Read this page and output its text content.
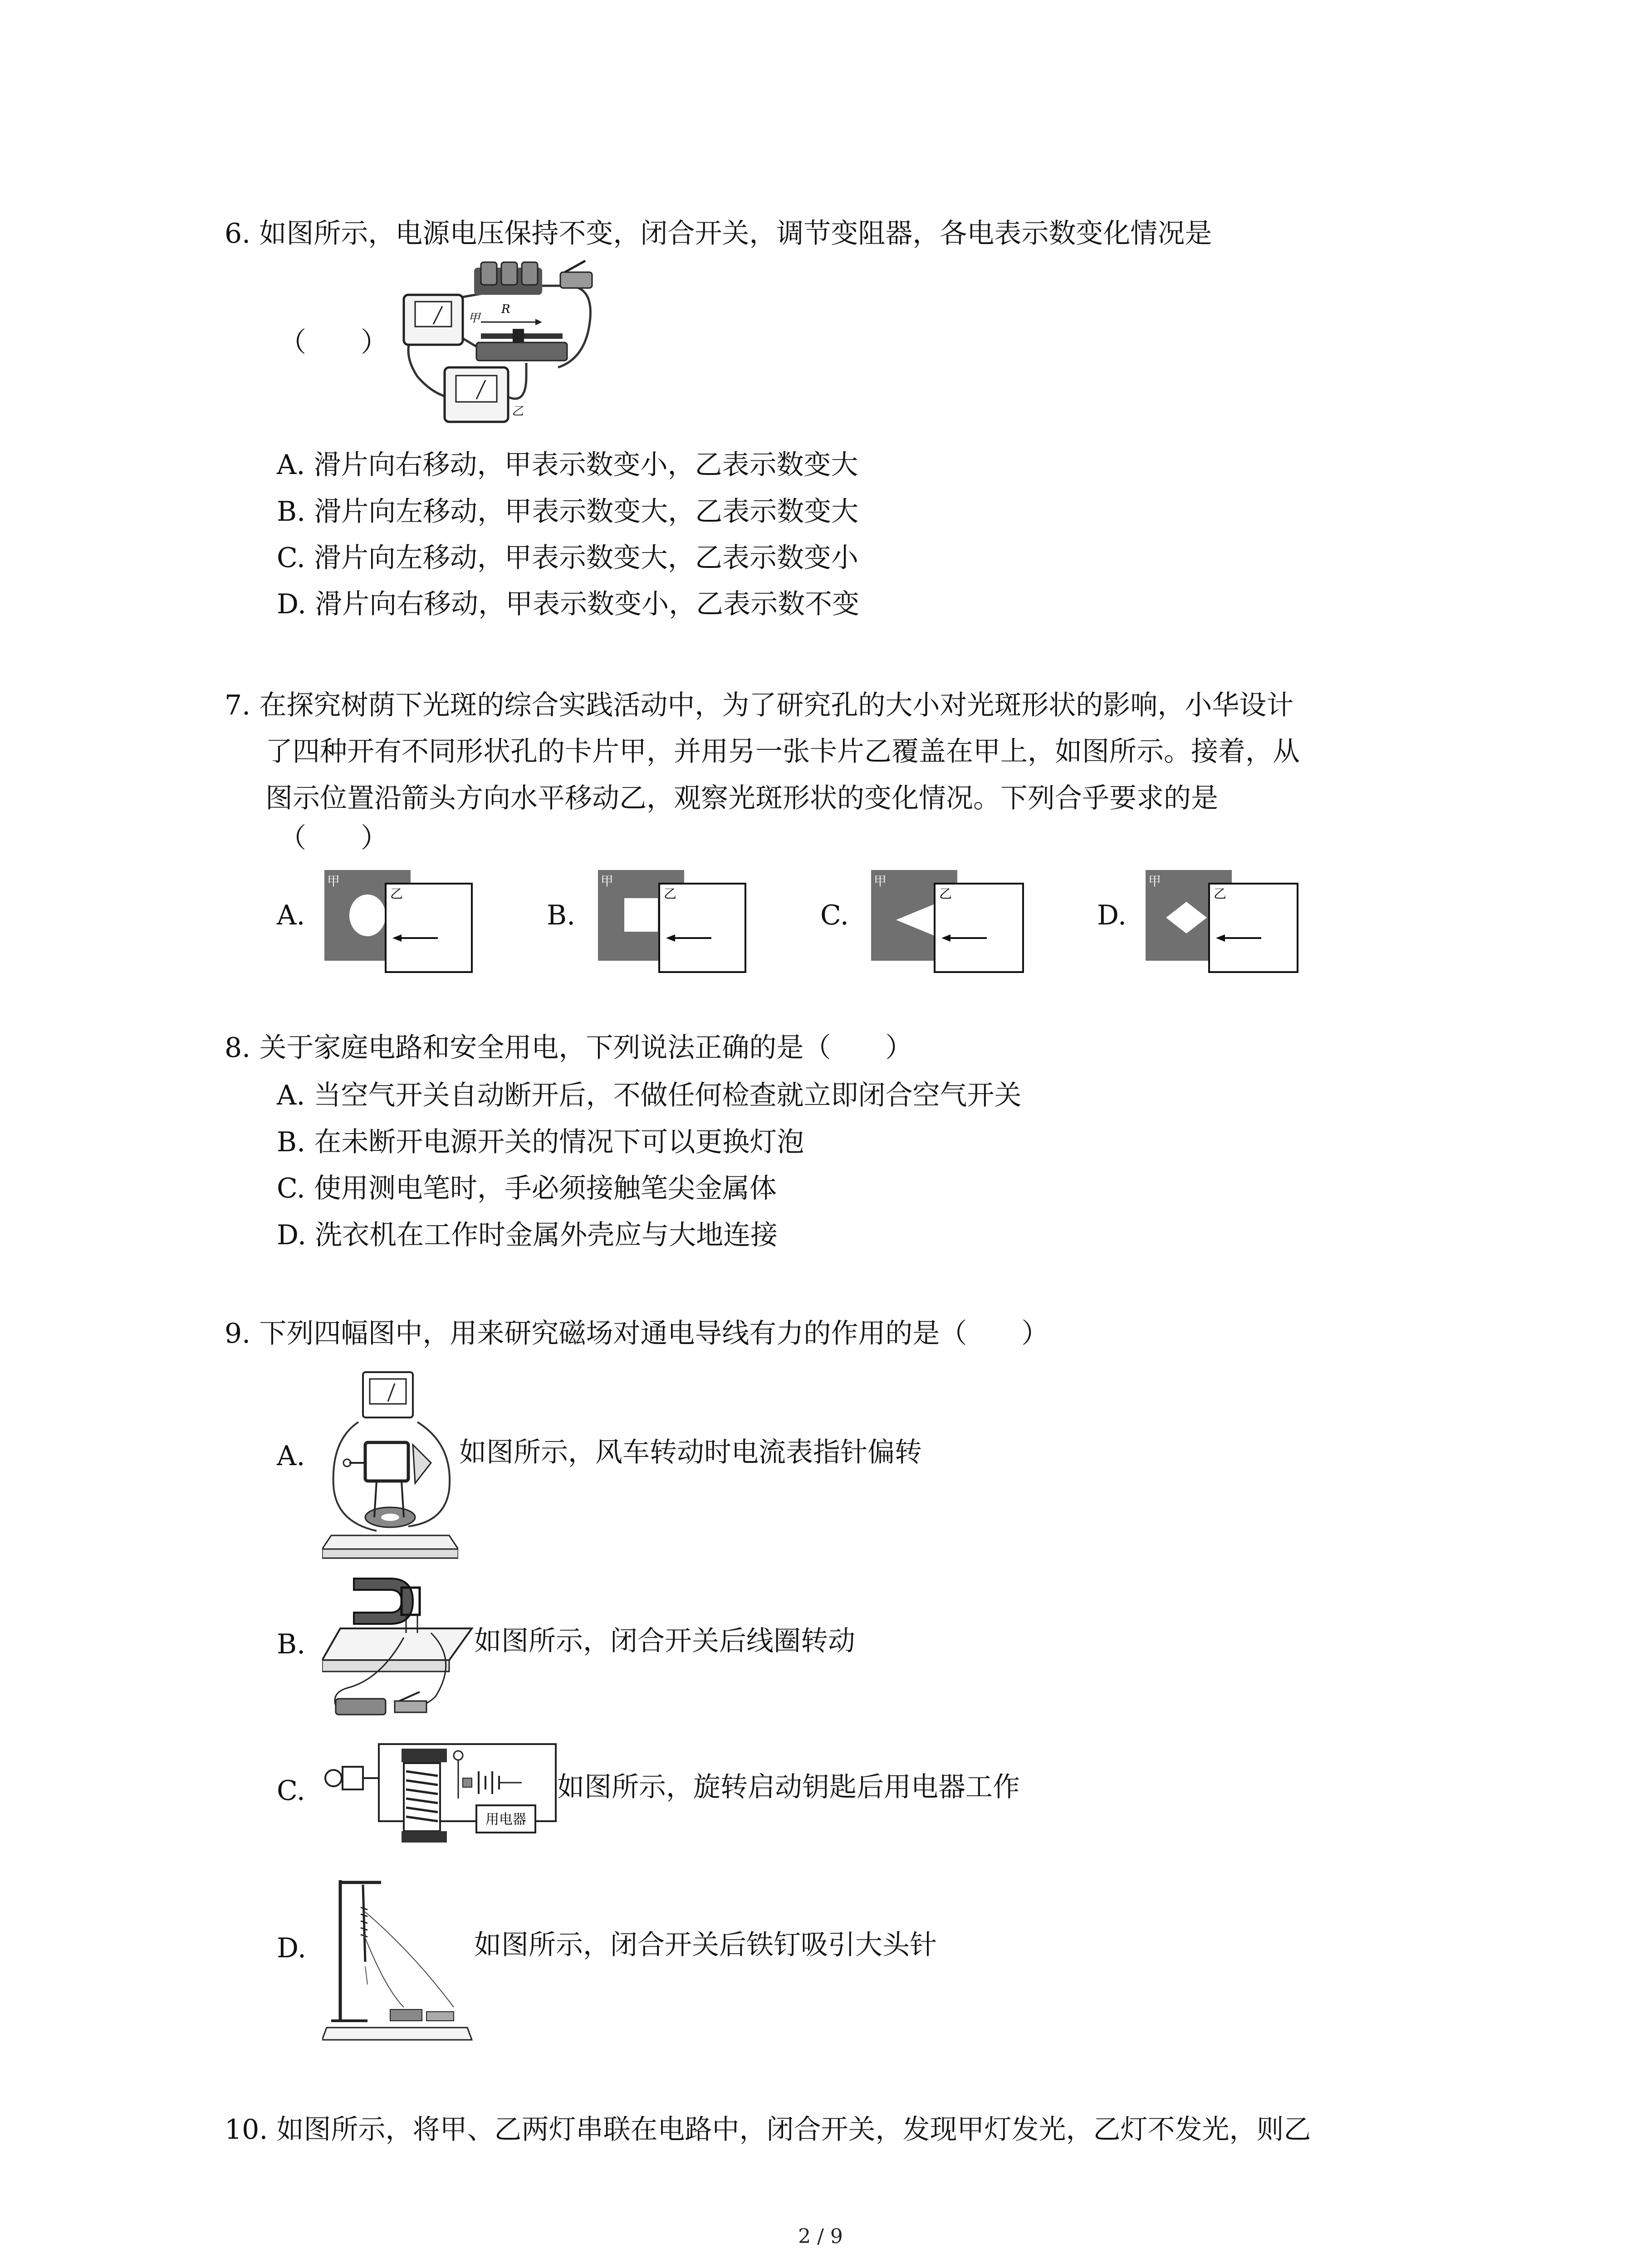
6. 如图所示，电源电压保持不变，闭合开关，调节变阻器，各电表示数变化情况是
（　　）
甲
R
乙
A. 滑片向右移动，甲表示数变小，乙表示数变大
B. 滑片向左移动，甲表示数变大，乙表示数变大
C. 滑片向左移动，甲表示数变大，乙表示数变小
D. 滑片向右移动，甲表示数变小，乙表示数不变
7. 在探究树荫下光斑的综合实践活动中，为了研究孔的大小对光斑形状的影响，小华设计
了四种开有不同形状孔的卡片甲，并用另一张卡片乙覆盖在甲上，如图所示。接着，从
图示位置沿箭头方向水平移动乙，观察光斑形状的变化情况。下列合乎要求的是
（　　）
A.
甲
乙
B.
甲
乙
C.
甲
乙
D.
甲
乙
8. 关于家庭电路和安全用电，下列说法正确的是（　　）
A. 当空气开关自动断开后，不做任何检查就立即闭合空气开关
B. 在未断开电源开关的情况下可以更换灯泡
C. 使用测电笔时，手必须接触笔尖金属体
D. 洗衣机在工作时金属外壳应与大地连接
9. 下列四幅图中，用来研究磁场对通电导线有力的作用的是（　　）
A.	如图所示，风车转动时电流表指针偏转
B.	如图所示，闭合开关后线圈转动
C.
用电器
如图所示，旋转启动钥匙后用电器工作
D.	如图所示，闭合开关后铁钉吸引大头针
10. 如图所示，将甲、乙两灯串联在电路中，闭合开关，发现甲灯发光，乙灯不发光，则乙
2 / 9
